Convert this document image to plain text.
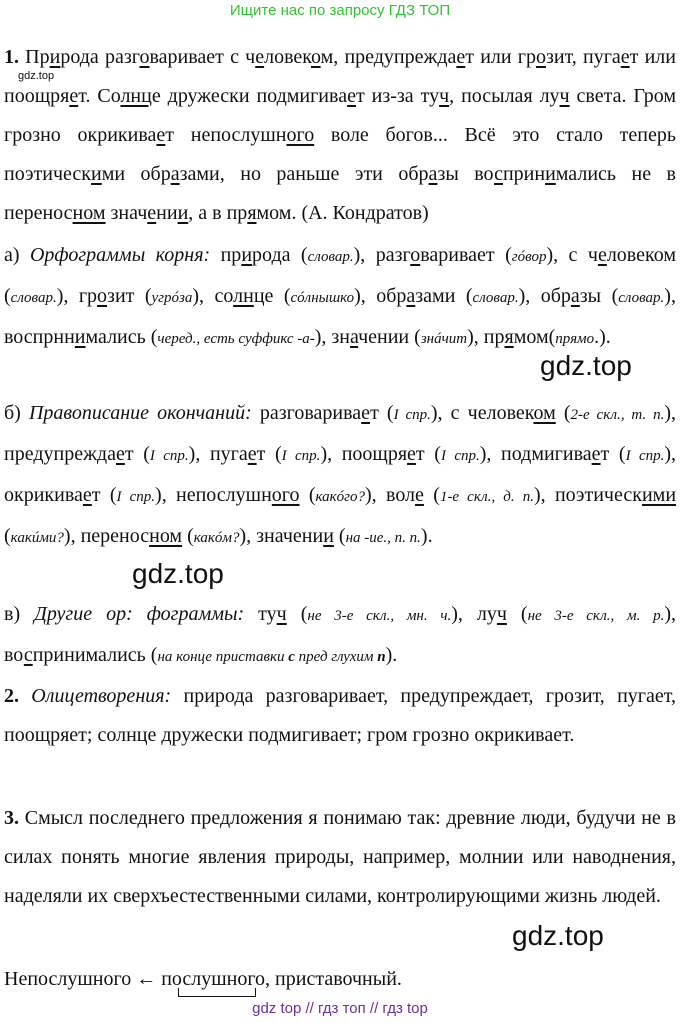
Ищите нас по запросу ГДЗ ТОП
gdz.top
1. Природа разговаривает с человеком, предупреждает или грозит, пугает или поощряет. Солнце дружески подмигивает из-за туч, посылая луч света. Гром грозно окрикивает непослушного воле богов... Всё это стало теперь поэтическими образами, но раньше эти образы воспринимались не в переносном значении, а в прямом. (А. Кондратов)
а) Орфограммы корня: природа (словар.), разговаривает (гóвор), с человеком (словар.), грозит (угрóза), солнце (сóлнышко), образами (словар.), образы (словар.), воспрннимались (черед., есть суффикс -а-), значении (знáчит), прямом(прямо.).
gdz.top
б) Правописание окончаний: разговаривает (I спр.), с человеком (2-е скл., т. п.), предупреждает (I спр.), пугает (I спр.), поощряет (I спр.), подмигивает (I спр.), окрикивает (I спр.), непослушного (какóго?), воле (1-е скл., д. п.), поэтическими (какúми?), переносном (какóм?), значении (на -ие., п. п.).
gdz.top
в) Другие ор: фограммы: туч (не 3-е скл., мн. ч.), луч (не 3-е скл., м. р.), воспринимались (на конце приставки с пред глухим п).
2. Олицетворения: природа разговаривает, предупреждает, грозит, пугает, поощряет; солнце дружески подмигивает; гром грозно окрикивает.
3. Смысл последнего предложения я понимаю так: древние люди, будучи не в силах понять многие явления природы, например, молнии или наводнения, наделяли их сверхъестественными силами, контролирующими жизнь людей.
gdz.top
Непослушного ← послушного, приставочный.
gdz top // гдз топ // гдз top
